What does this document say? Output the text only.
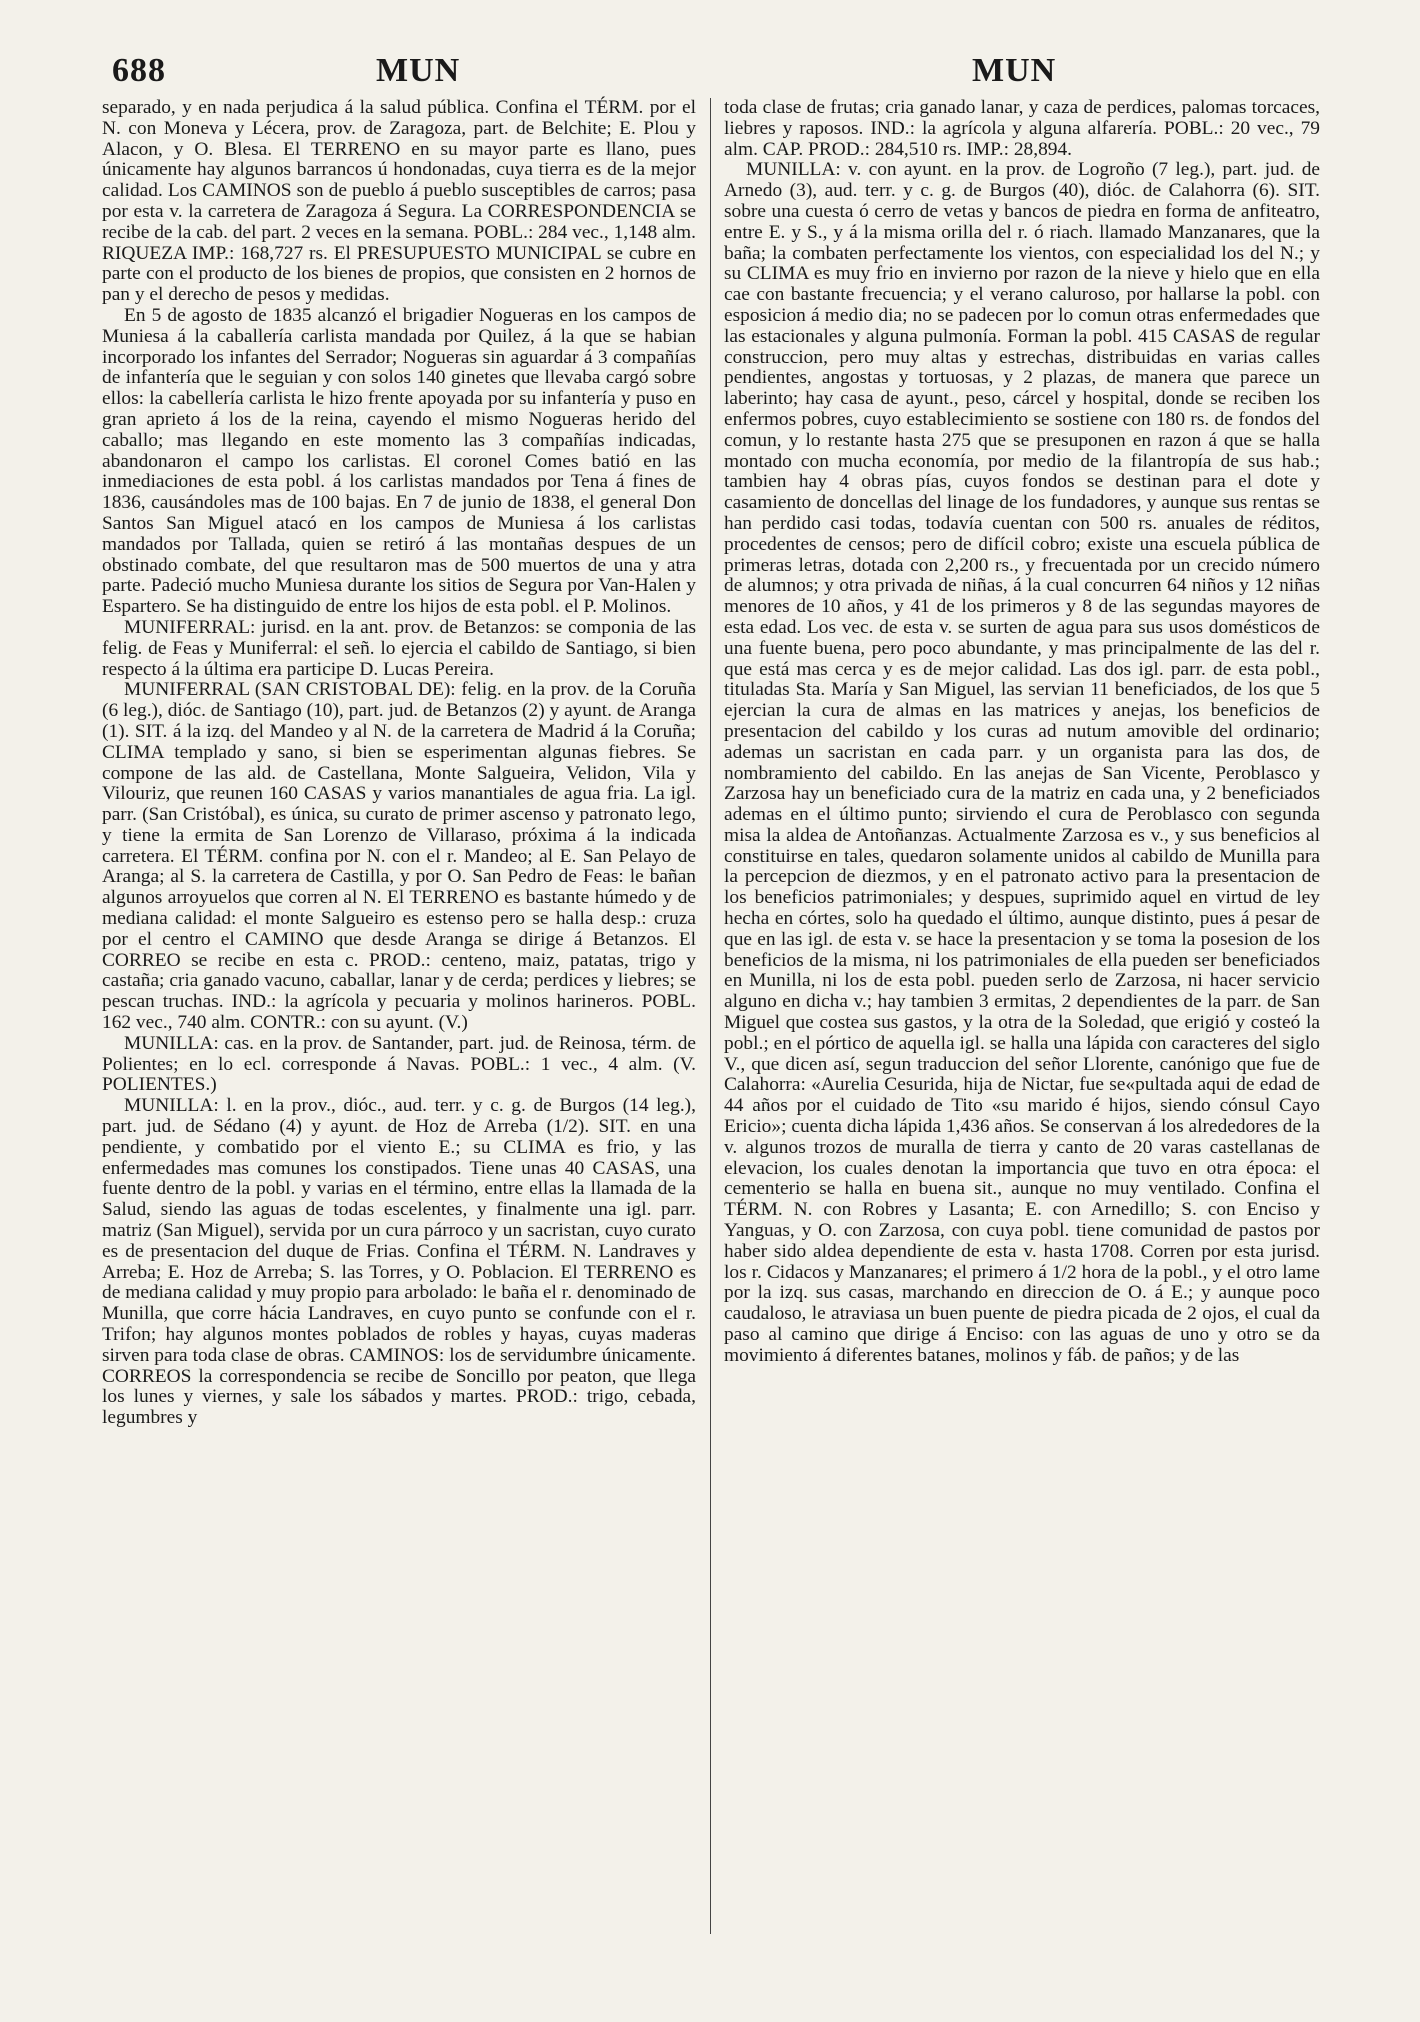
688	MUN	MUN

separado, y en nada perjudica á la salud pública. Confina el TÉRM. por el N. con Moneva y Lécera, prov. de Zaragoza, part. de Belchite; E. Plou y Alacon, y O. Blesa. El TERRENO en su mayor parte es llano, pues únicamente hay algunos barrancos ú hondonadas, cuya tierra es de la mejor calidad. Los CAMINOS son de pueblo á pueblo susceptibles de carros; pasa por esta v. la carretera de Zaragoza á Segura. La CORRESPONDENCIA se recibe de la cab. del part. 2 veces en la semana. POBL.: 284 vec., 1,148 alm. RIQUEZA IMP.: 168,727 rs. El PRESUPUESTO MUNICIPAL se cubre en parte con el producto de los bienes de propios, que consisten en 2 hornos de pan y el derecho de pesos y medidas.

En 5 de agosto de 1835 alcanzó el brigadier Nogueras en los campos de Muniesa á la caballería carlista mandada por Quilez, á la que se habian incorporado los infantes del Serrador; Nogueras sin aguardar á 3 compañías de infantería que le seguian y con solos 140 ginetes que llevaba cargó sobre ellos: la cabellería carlista le hizo frente apoyada por su infantería y puso en gran aprieto á los de la reina, cayendo el mismo Nogueras herido del caballo; mas llegando en este momento las 3 compañías indicadas, abandonaron el campo los carlistas. El coronel Comes batió en las inmediaciones de esta pobl. á los carlistas mandados por Tena á fines de 1836, causándoles mas de 100 bajas. En 7 de junio de 1838, el general Don Santos San Miguel atacó en los campos de Muniesa á los carlistas mandados por Tallada, quien se retiró á las montañas despues de un obstinado combate, del que resultaron mas de 500 muertos de una y atra parte. Padeció mucho Muniesa durante los sitios de Segura por Van-Halen y Espartero. Se ha distinguido de entre los hijos de esta pobl. el P. Molinos.

MUNIFERRAL: jurisd. en la ant. prov. de Betanzos: se componia de las felig. de Feas y Muniferral: el señ. lo ejercia el cabildo de Santiago, si bien respecto á la última era participe D. Lucas Pereira.

MUNIFERRAL (SAN CRISTOBAL DE): felig. en la prov. de la Coruña (6 leg.), dióc. de Santiago (10), part. jud. de Betanzos (2) y ayunt. de Aranga (1). SIT. á la izq. del Mandeo y al N. de la carretera de Madrid á la Coruña; CLIMA templado y sano, si bien se esperimentan algunas fiebres. Se compone de las ald. de Castellana, Monte Salgueira, Velidon, Vila y Vilouriz, que reunen 160 CASAS y varios manantiales de agua fria. La igl. parr. (San Cristóbal), es única, su curato de primer ascenso y patronato lego, y tiene la ermita de San Lorenzo de Villaraso, próxima á la indicada carretera. El TÉRM. confina por N. con el r. Mandeo; al E. San Pelayo de Aranga; al S. la carretera de Castilla, y por O. San Pedro de Feas: le bañan algunos arroyuelos que corren al N. El TERRENO es bastante húmedo y de mediana calidad: el monte Salgueiro es estenso pero se halla desp.: cruza por el centro el CAMINO que desde Aranga se dirige á Betanzos. El CORREO se recibe en esta c. PROD.: centeno, maiz, patatas, trigo y castaña; cria ganado vacuno, caballar, lanar y de cerda; perdices y liebres; se pescan truchas. IND.: la agrícola y pecuaria y molinos harineros. POBL. 162 vec., 740 alm. CONTR.: con su ayunt. (V.)

MUNILLA: cas. en la prov. de Santander, part. jud. de Reinosa, térm. de Polientes; en lo ecl. corresponde á Navas. POBL.: 1 vec., 4 alm. (V. POLIENTES.)

MUNILLA: l. en la prov., dióc., aud. terr. y c. g. de Burgos (14 leg.), part. jud. de Sédano (4) y ayunt. de Hoz de Arreba (1/2). SIT. en una pendiente, y combatido por el viento E.; su CLIMA es frio, y las enfermedades mas comunes los constipados. Tiene unas 40 CASAS, una fuente dentro de la pobl. y varias en el término, entre ellas la llamada de la Salud, siendo las aguas de todas escelentes, y finalmente una igl. parr. matriz (San Miguel), servida por un cura párroco y un sacristan, cuyo curato es de presentacion del duque de Frias. Confina el TÉRM. N. Landraves y Arreba; E. Hoz de Arreba; S. las Torres, y O. Poblacion. El TERRENO es de mediana calidad y muy propio para arbolado: le baña el r. denominado de Munilla, que corre hácia Landraves, en cuyo punto se confunde con el r. Trifon; hay algunos montes poblados de robles y hayas, cuyas maderas sirven para toda clase de obras. CAMINOS: los de servidumbre únicamente. CORREOS la correspondencia se recibe de Soncillo por peaton, que llega los lunes y viernes, y sale los sábados y martes. PROD.: trigo, cebada, legumbres y

toda clase de frutas; cria ganado lanar, y caza de perdices, palomas torcaces, liebres y raposos. IND.: la agrícola y alguna alfarería. POBL.: 20 vec., 79 alm. CAP. PROD.: 284,510 rs. IMP.: 28,894.

MUNILLA: v. con ayunt. en la prov. de Logroño (7 leg.), part. jud. de Arnedo (3), aud. terr. y c. g. de Burgos (40), dióc. de Calahorra (6). SIT. sobre una cuesta ó cerro de vetas y bancos de piedra en forma de anfiteatro, entre E. y S., y á la misma orilla del r. ó riach. llamado Manzanares, que la baña; la combaten perfectamente los vientos, con especialidad los del N.; y su CLIMA es muy frio en invierno por razon de la nieve y hielo que en ella cae con bastante frecuencia; y el verano caluroso, por hallarse la pobl. con esposicion á medio dia; no se padecen por lo comun otras enfermedades que las estacionales y alguna pulmonía. Forman la pobl. 415 CASAS de regular construccion, pero muy altas y estrechas, distribuidas en varias calles pendientes, angostas y tortuosas, y 2 plazas, de manera que parece un laberinto; hay casa de ayunt., peso, cárcel y hospital, donde se reciben los enfermos pobres, cuyo establecimiento se sostiene con 180 rs. de fondos del comun, y lo restante hasta 275 que se presuponen en razon á que se halla montado con mucha economía, por medio de la filantropía de sus hab.; tambien hay 4 obras pías, cuyos fondos se destinan para el dote y casamiento de doncellas del linage de los fundadores, y aunque sus rentas se han perdido casi todas, todavía cuentan con 500 rs. anuales de réditos, procedentes de censos; pero de difícil cobro; existe una escuela pública de primeras letras, dotada con 2,200 rs., y frecuentada por un crecido número de alumnos; y otra privada de niñas, á la cual concurren 64 niños y 12 niñas menores de 10 años, y 41 de los primeros y 8 de las segundas mayores de esta edad. Los vec. de esta v. se surten de agua para sus usos domésticos de una fuente buena, pero poco abundante, y mas principalmente de las del r. que está mas cerca y es de mejor calidad. Las dos igl. parr. de esta pobl., tituladas Sta. María y San Miguel, las servian 11 beneficiados, de los que 5 ejercian la cura de almas en las matrices y anejas, los beneficios de presentacion del cabildo y los curas ad nutum amovible del ordinario; ademas un sacristan en cada parr. y un organista para las dos, de nombramiento del cabildo. En las anejas de San Vicente, Peroblasco y Zarzosa hay un beneficiado cura de la matriz en cada una, y 2 beneficiados ademas en el último punto; sirviendo el cura de Peroblasco con segunda misa la aldea de Antoñanzas. Actualmente Zarzosa es v., y sus beneficios al constituirse en tales, quedaron solamente unidos al cabildo de Munilla para la percepcion de diezmos, y en el patronato activo para la presentacion de los beneficios patrimoniales; y despues, suprimido aquel en virtud de ley hecha en córtes, solo ha quedado el último, aunque distinto, pues á pesar de que en las igl. de esta v. se hace la presentacion y se toma la posesion de los beneficios de la misma, ni los patrimoniales de ella pueden ser beneficiados en Munilla, ni los de esta pobl. pueden serlo de Zarzosa, ni hacer servicio alguno en dicha v.; hay tambien 3 ermitas, 2 dependientes de la parr. de San Miguel que costea sus gastos, y la otra de la Soledad, que erigió y costeó la pobl.; en el pórtico de aquella igl. se halla una lápida con caracteres del siglo V., que dicen así, segun traduccion del señor Llorente, canónigo que fue de Calahorra: «Aurelia Cesurida, hija de Nictar, fue se«pultada aqui de edad de 44 años por el cuidado de Tito «su marido é hijos, siendo cónsul Cayo Ericio»; cuenta dicha lápida 1,436 años. Se conservan á los alrededores de la v. algunos trozos de muralla de tierra y canto de 20 varas castellanas de elevacion, los cuales denotan la importancia que tuvo en otra época: el cementerio se halla en buena sit., aunque no muy ventilado. Confina el TÉRM. N. con Robres y Lasanta; E. con Arnedillo; S. con Enciso y Yanguas, y O. con Zarzosa, con cuya pobl. tiene comunidad de pastos por haber sido aldea dependiente de esta v. hasta 1708. Corren por esta jurisd. los r. Cidacos y Manzanares; el primero á 1/2 hora de la pobl., y el otro lame por la izq. sus casas, marchando en direccion de O. á E.; y aunque poco caudaloso, le atraviasa un buen puente de piedra picada de 2 ojos, el cual da paso al camino que dirige á Enciso: con las aguas de uno y otro se da movimiento á diferentes batanes, molinos y fáb. de paños; y de las
